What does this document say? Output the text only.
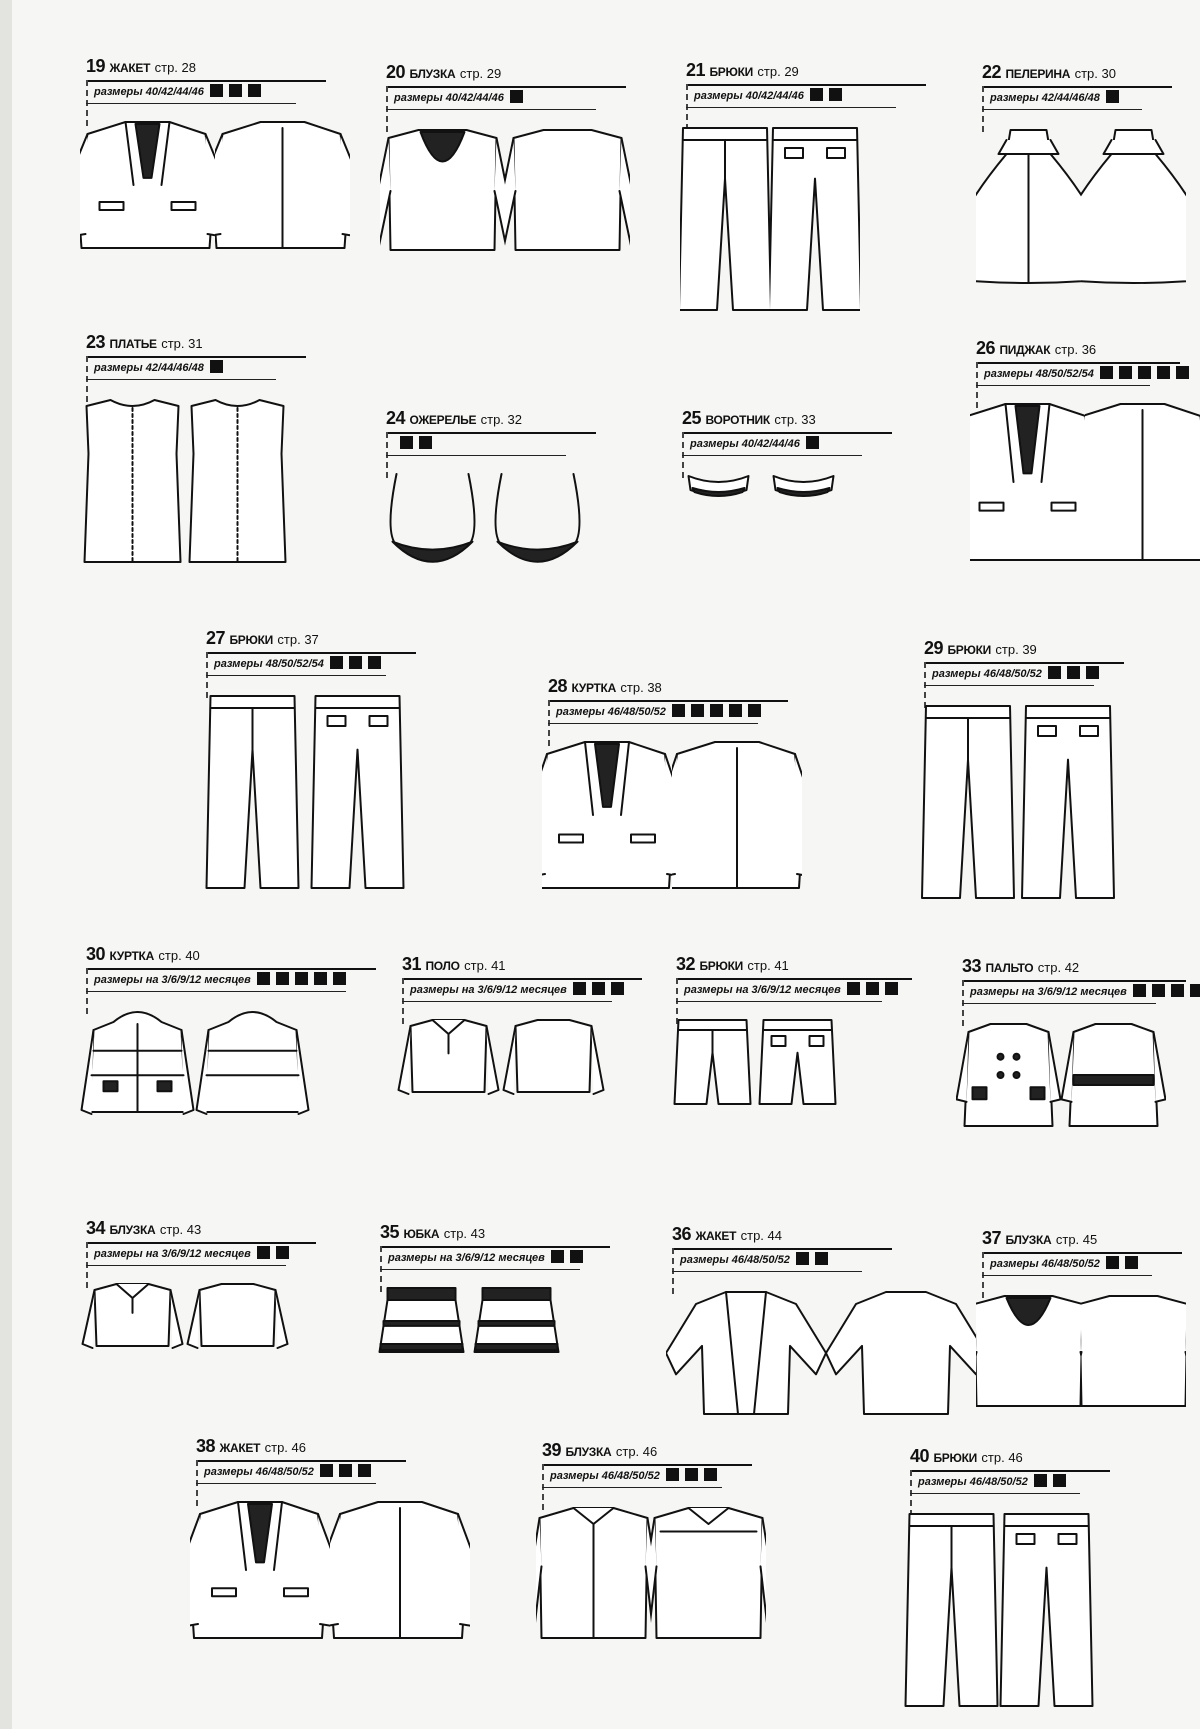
19 ЖАКЕТ стр. 28
размеры 40/42/44/46
20 БЛУЗКА стр. 29
размеры 40/42/44/46
21 БРЮКИ стр. 29
размеры 40/42/44/46
22 ПЕЛЕРИНА стр. 30
размеры 42/44/46/48
23 ПЛАТЬЕ стр. 31
размеры 42/44/46/48
24 ОЖЕРЕЛЬЕ стр. 32	25 ВОРОТНИК стр. 33
размеры 40/42/44/46
26 ПИДЖАК стр. 36
размеры 48/50/52/54
27 БРЮКИ стр. 37
размеры 48/50/52/54
28 КУРТКА стр. 38
размеры 46/48/50/52
29 БРЮКИ стр. 39
размеры 46/48/50/52
30 КУРТКА стр. 40
размеры на 3/6/9/12 месяцев
31 ПОЛО стр. 41
размеры на 3/6/9/12 месяцев
32 БРЮКИ стр. 41
размеры на 3/6/9/12 месяцев
33 ПАЛЬТО стр. 42
размеры на 3/6/9/12 месяцев
34 БЛУЗКА стр. 43
размеры на 3/6/9/12 месяцев
35 ЮБКА стр. 43
размеры на 3/6/9/12 месяцев
36 ЖАКЕТ стр. 44
размеры 46/48/50/52
37 БЛУЗКА стр. 45
размеры 46/48/50/52
38 ЖАКЕТ стр. 46
размеры 46/48/50/52
39 БЛУЗКА стр. 46
размеры 46/48/50/52
40 БРЮКИ стр. 46
размеры 46/48/50/52
